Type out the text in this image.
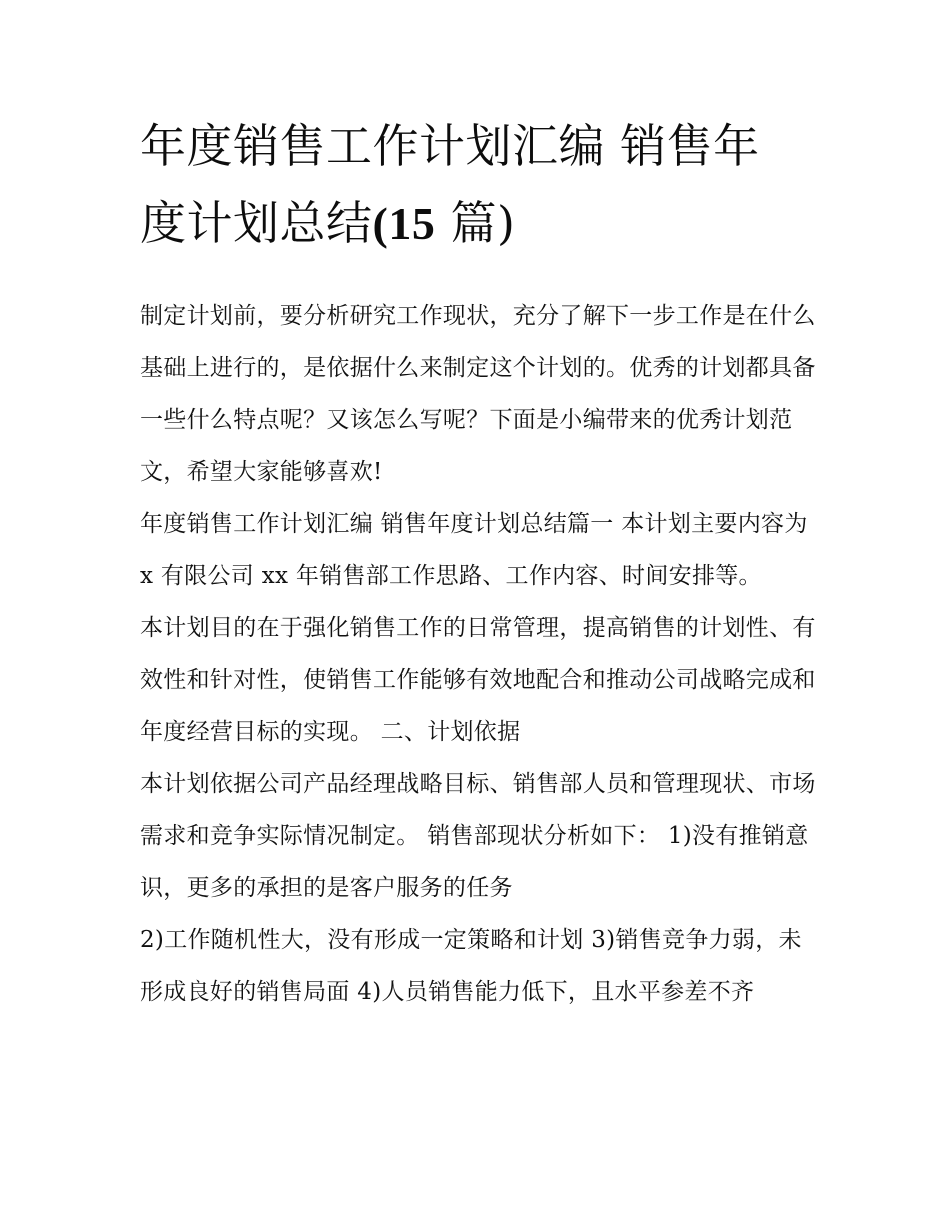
年度销售工作计划汇编 销售年
度计划总结(15 篇)

制定计划前，要分析研究工作现状，充分了解下一步工作是在什么基础上进行的，是依据什么来制定这个计划的。优秀的计划都具备一些什么特点呢？又该怎么写呢？下面是小编带来的优秀计划范文，希望大家能够喜欢!

年度销售工作计划汇编 销售年度计划总结篇一 本计划主要内容为 x 有限公司 xx 年销售部工作思路、工作内容、时间安排等。

本计划目的在于强化销售工作的日常管理，提高销售的计划性、有效性和针对性，使销售工作能够有效地配合和推动公司战略完成和年度经营目标的实现。 二、计划依据

本计划依据公司产品经理战略目标、销售部人员和管理现状、市场需求和竞争实际情况制定。 销售部现状分析如下： 1)没有推销意识，更多的承担的是客户服务的任务

2)工作随机性大，没有形成一定策略和计划 3)销售竞争力弱，未形成良好的销售局面 4)人员销售能力低下，且水平参差不齐
